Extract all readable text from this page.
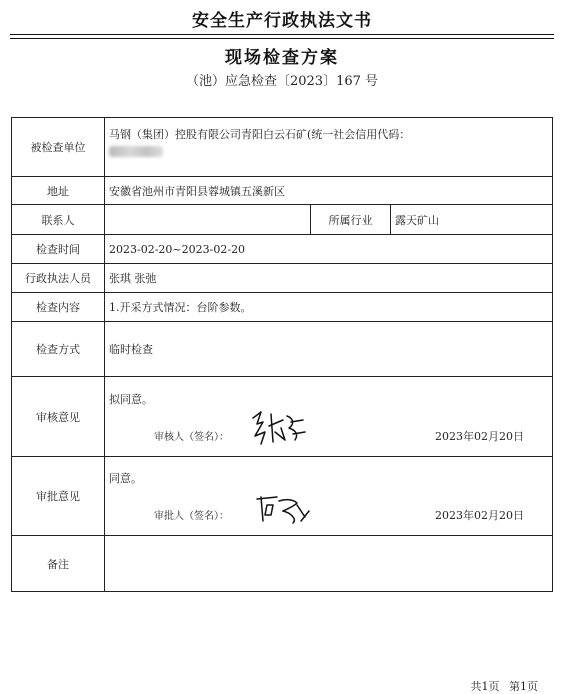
安全生产行政执法文书
现场检查方案
（池）应急检查〔2023〕167 号
被检查单位	马钢（集团）控股有限公司青阳白云石矿(统一社会信用代码：		

地址	安徽省池州市青阳县蓉城镇五溪新区		
联系人		所属行业	露天矿山
检查时间	2023-02-20~2023-02-20		
行政执法人员	张琪 张弛		
检查内容	1.开采方式情况：台阶参数。		
检查方式	临时检查		
审核意见	拟同意。
审核人（签名）： 2023年02月20日		

审批意见	同意。
审批人（签名）： 2023年02月20日		

备注			
共1页 第1页
